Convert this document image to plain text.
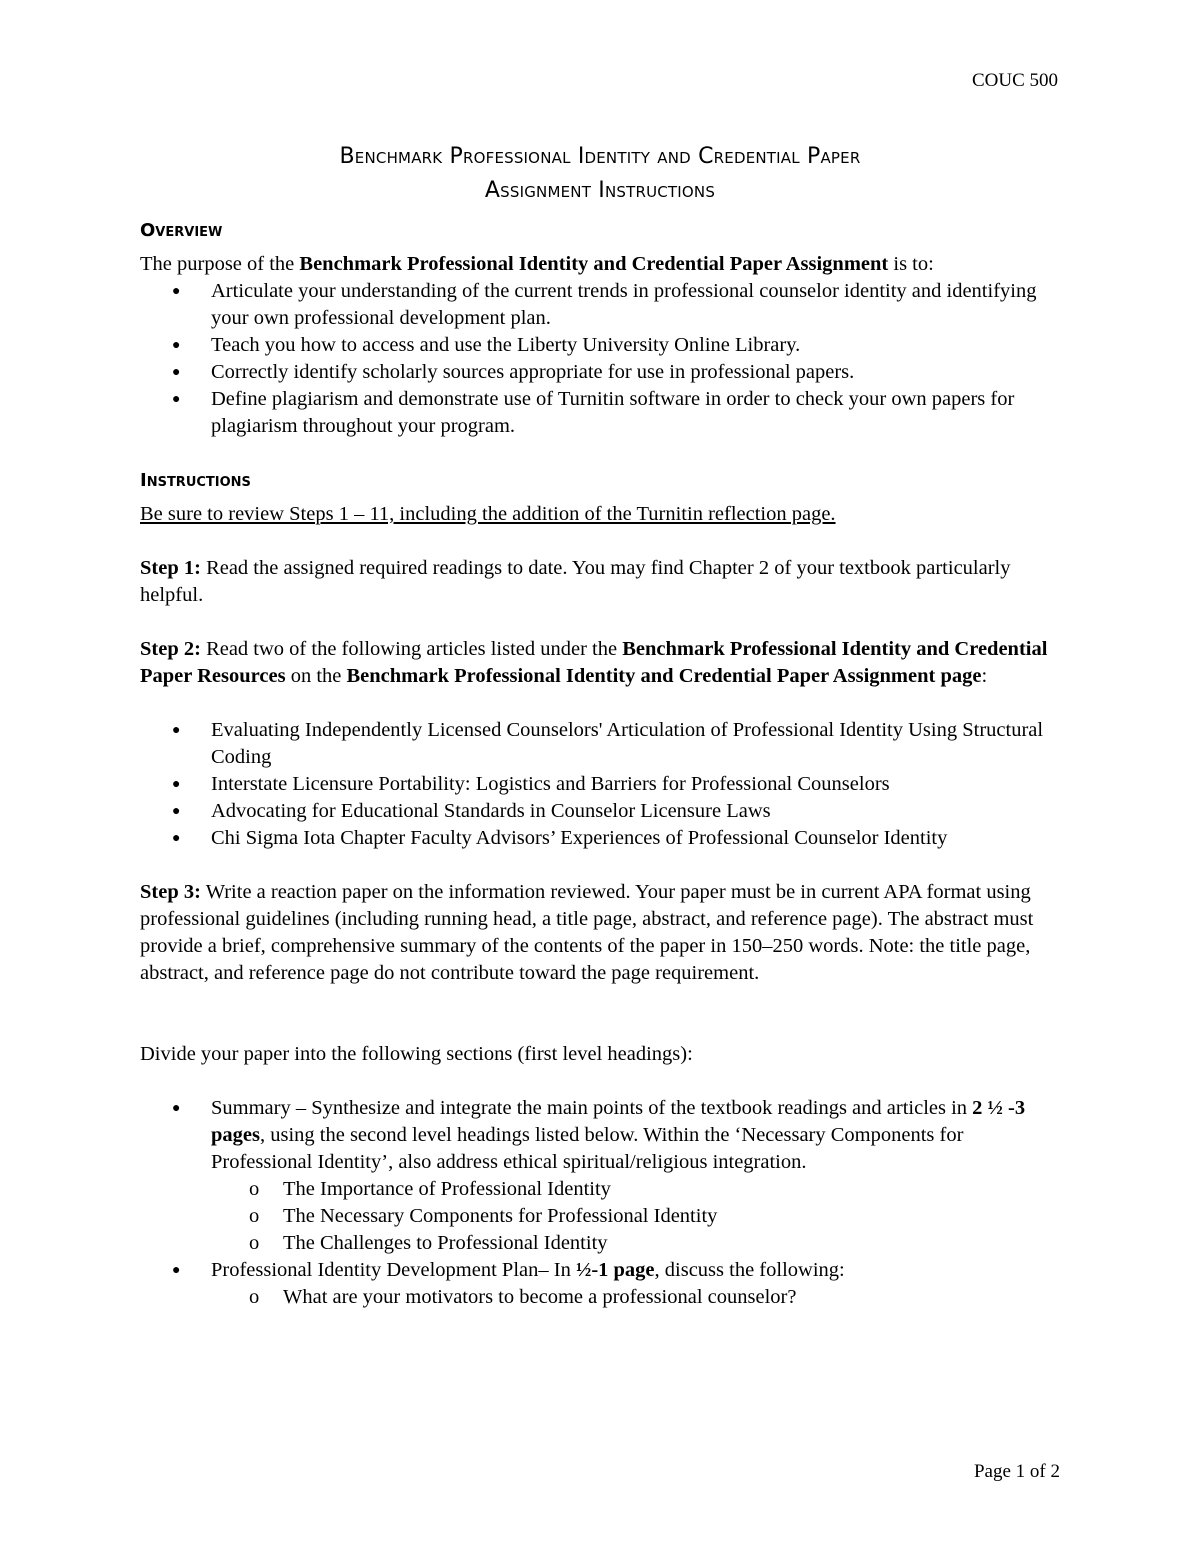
COUC 500
Benchmark Professional Identity and Credential Paper
Assignment Instructions
Overview

The purpose of the Benchmark Professional Identity and Credential Paper Assignment is to:

● Articulate your understanding of the current trends in professional counselor identity and identifying your own professional development plan.
● Teach you how to access and use the Liberty University Online Library.
● Correctly identify scholarly sources appropriate for use in professional papers.
● Define plagiarism and demonstrate use of Turnitin software in order to check your own papers for plagiarism throughout your program.
Instructions

Be sure to review Steps 1 – 11, including the addition of the Turnitin reflection page.

Step 1: Read the assigned required readings to date. You may find Chapter 2 of your textbook particularly helpful.

Step 2: Read two of the following articles listed under the Benchmark Professional Identity and Credential Paper Resources on the Benchmark Professional Identity and Credential Paper Assignment page:

● Evaluating Independently Licensed Counselors' Articulation of Professional Identity Using Structural Coding
● Interstate Licensure Portability: Logistics and Barriers for Professional Counselors
● Advocating for Educational Standards in Counselor Licensure Laws
● Chi Sigma Iota Chapter Faculty Advisors’ Experiences of Professional Counselor Identity

Step 3: Write a reaction paper on the information reviewed. Your paper must be in current APA format using professional guidelines (including running head, a title page, abstract, and reference page). The abstract must provide a brief, comprehensive summary of the contents of the paper in 150–250 words. Note: the title page, abstract, and reference page do not contribute toward the page requirement.

Divide your paper into the following sections (first level headings):

● Summary – Synthesize and integrate the main points of the textbook readings and articles in 2 ½ -3 pages, using the second level headings listed below. Within the ‘Necessary Components for Professional Identity’, also address ethical spiritual/religious integration.
o The Importance of Professional Identity
o The Necessary Components for Professional Identity
o The Challenges to Professional Identity
● Professional Identity Development Plan– In ½-1 page, discuss the following:
o What are your motivators to become a professional counselor?
Page 1 of 2
